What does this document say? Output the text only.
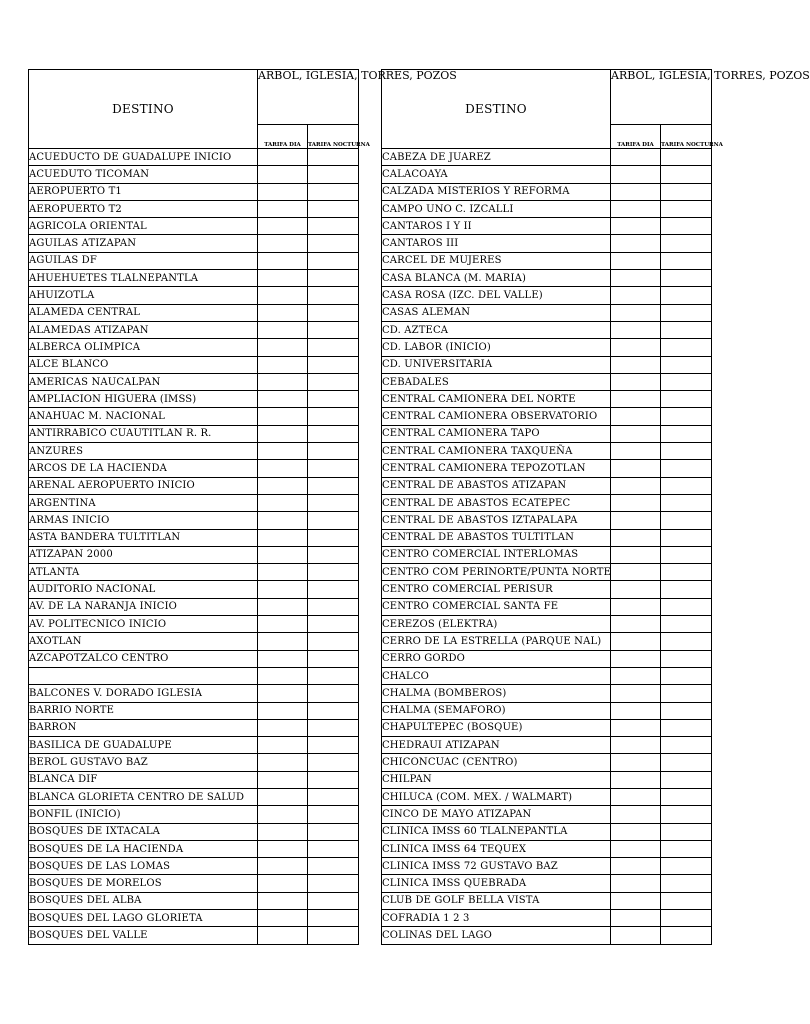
DESTINO	ARBOL, IGLESIA, TORRES, POZOS	
	TARIFA DIA	TARIFA NOCTURNA
ACUEDUCTO DE GUADALUPE INICIO		
ACUEDUTO TICOMAN		
AEROPUERTO T1		
AEROPUERTO T2		
AGRICOLA ORIENTAL		
AGUILAS ATIZAPAN		
AGUILAS DF		
AHUEHUETES TLALNEPANTLA		
AHUIZOTLA		
ALAMEDA CENTRAL		
ALAMEDAS ATIZAPAN		
ALBERCA OLIMPICA		
ALCE BLANCO		
AMERICAS NAUCALPAN		
AMPLIACION HIGUERA (IMSS)		
ANAHUAC M. NACIONAL		
ANTIRRABICO CUAUTITLAN R. R.		
ANZURES		
ARCOS DE LA HACIENDA		
ARENAL AEROPUERTO INICIO		
ARGENTINA		
ARMAS INICIO		
ASTA BANDERA TULTITLAN		
ATIZAPAN 2000		
ATLANTA		
AUDITORIO NACIONAL		
AV. DE LA NARANJA INICIO		
AV. POLITECNICO INICIO		
AXOTLAN		
AZCAPOTZALCO CENTRO		

BALCONES V. DORADO IGLESIA		
BARRIO NORTE		
BARRON		
BASILICA DE GUADALUPE		
BEROL GUSTAVO BAZ		
BLANCA DIF		
BLANCA GLORIETA CENTRO DE SALUD		
BONFIL (INICIO)		
BOSQUES DE IXTACALA		
BOSQUES DE LA HACIENDA		
BOSQUES DE LAS LOMAS		
BOSQUES DE MORELOS		
BOSQUES DEL ALBA		
BOSQUES DEL LAGO GLORIETA		
BOSQUES DEL VALLE		
DESTINO	ARBOL, IGLESIA, TORRES, POZOS	
	TARIFA DIA	TARIFA NOCTURNA
CABEZA DE JUAREZ		
CALACOAYA		
CALZADA MISTERIOS Y REFORMA		
CAMPO UNO C. IZCALLI		
CANTAROS I Y II		
CANTAROS III		
CARCEL DE MUJERES		
CASA BLANCA (M. MARIA)		
CASA ROSA (IZC. DEL VALLE)		
CASAS ALEMAN		
CD. AZTECA		
CD. LABOR (INICIO)		
CD. UNIVERSITARIA		
CEBADALES		
CENTRAL CAMIONERA DEL NORTE		
CENTRAL CAMIONERA OBSERVATORIO		
CENTRAL CAMIONERA TAPO		
CENTRAL CAMIONERA TAXQUEÑA		
CENTRAL CAMIONERA TEPOZOTLAN		
CENTRAL DE ABASTOS ATIZAPAN		
CENTRAL DE ABASTOS ECATEPEC		
CENTRAL DE ABASTOS IZTAPALAPA		
CENTRAL DE ABASTOS TULTITLAN		
CENTRO COMERCIAL INTERLOMAS		
CENTRO COM PERINORTE/PUNTA NORTE		
CENTRO COMERCIAL PERISUR		
CENTRO COMERCIAL SANTA FE		
CEREZOS (ELEKTRA)		
CERRO DE LA ESTRELLA (PARQUE NAL)		
CERRO GORDO		
CHALCO		
CHALMA (BOMBEROS)		
CHALMA (SEMAFORO)		
CHAPULTEPEC (BOSQUE)		
CHEDRAUI ATIZAPAN		
CHICONCUAC (CENTRO)		
CHILPAN		
CHILUCA (COM. MEX. / WALMART)		
CINCO DE MAYO ATIZAPAN		
CLINICA IMSS 60 TLALNEPANTLA		
CLINICA IMSS 64 TEQUEX		
CLINICA IMSS 72 GUSTAVO BAZ		
CLINICA IMSS QUEBRADA		
CLUB DE GOLF BELLA VISTA		
COFRADIA 1 2 3		
COLINAS DEL LAGO		
